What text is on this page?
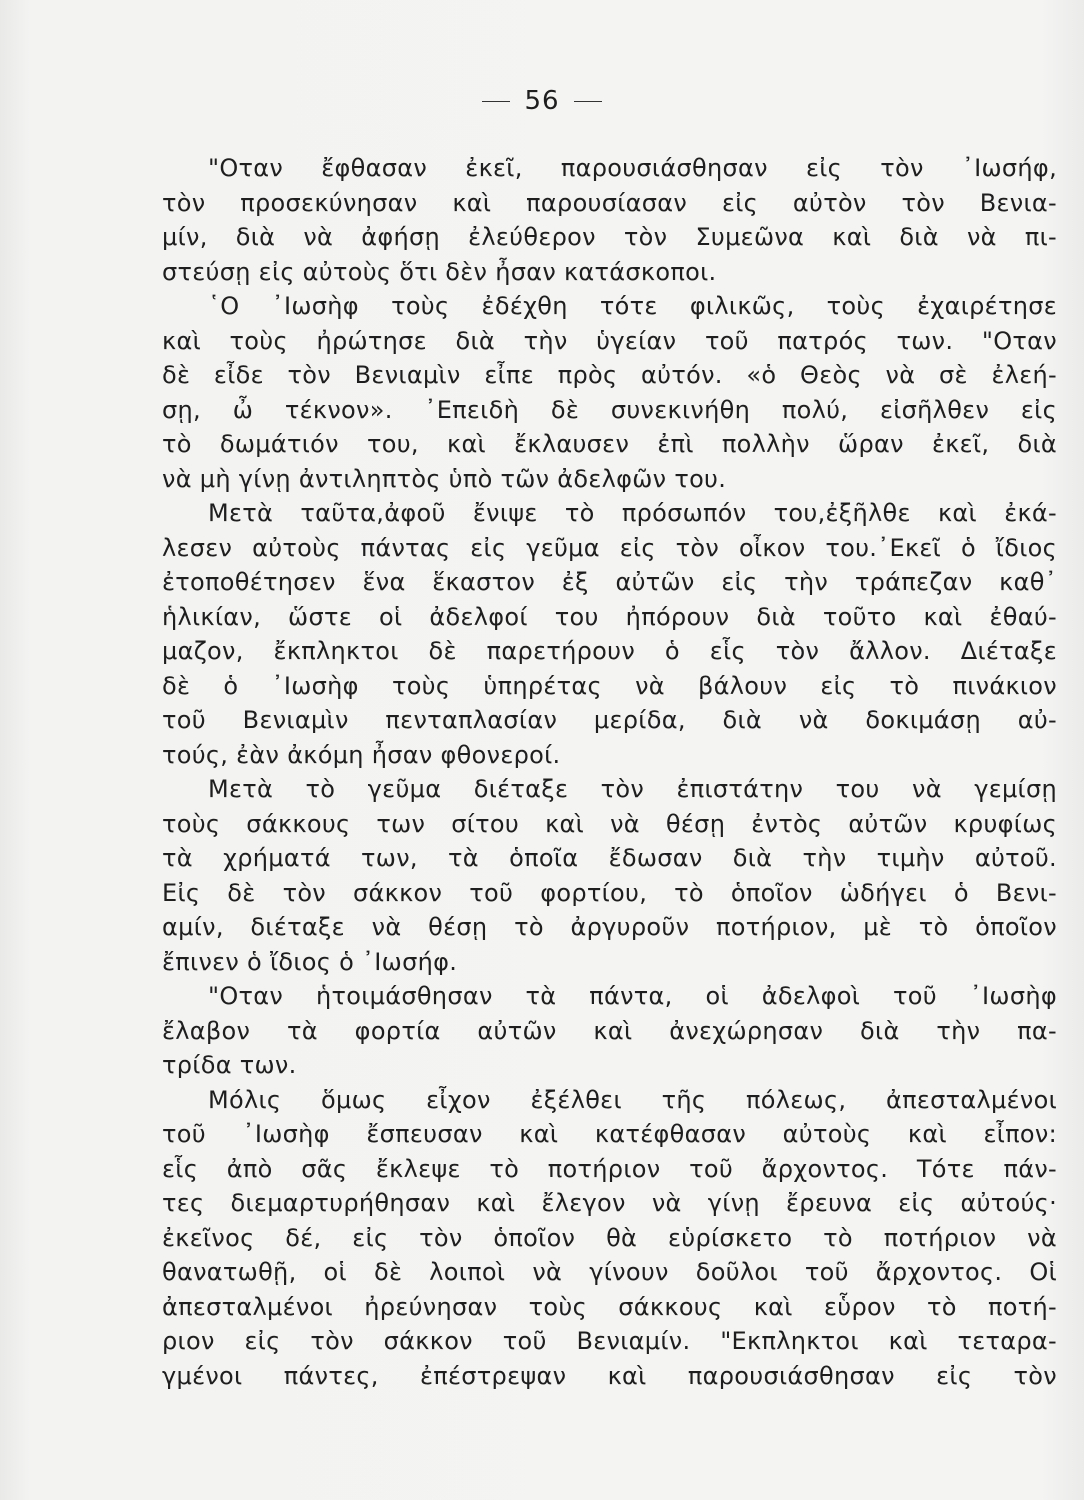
56
"Οταν ἔφθασαν ἐκεῖ, παρουσιάσθησαν εἰς τὸν ᾿Ιωσήφ,
τὸν προσεκύνησαν καὶ παρουσίασαν εἰς αὐτὸν τὸν Βενια-
μίν, διὰ νὰ ἀφήσῃ ἐλεύθερον τὸν Συμεῶνα καὶ διὰ νὰ πι-
στεύσῃ εἰς αὐτοὺς ὅτι δὲν ἦσαν κατάσκοποι.
῾Ο ᾿Ιωσὴφ τοὺς ἐδέχθη τότε φιλικῶς, τοὺς ἐχαιρέτησε
καὶ τοὺς ἠρώτησε διὰ τὴν ὑγείαν τοῦ πατρός των. "Οταν
δὲ εἶδε τὸν Βενιαμὶν εἶπε πρὸς αὐτόν. «ὁ Θεὸς νὰ σὲ ἐλεή-
σῃ, ὦ τέκνον». ᾿Επειδὴ δὲ συνεκινήθη πολύ, εἰσῆλθεν εἰς
τὸ δωμάτιόν του, καὶ ἔκλαυσεν ἐπὶ πολλὴν ὥραν ἐκεῖ, διὰ
νὰ μὴ γίνῃ ἀντιληπτὸς ὑπὸ τῶν ἀδελφῶν του.
Μετὰ ταῦτα,ἀφοῦ ἔνιψε τὸ πρόσωπόν του,ἐξῆλθε καὶ ἐκά-
λεσεν αὐτοὺς πάντας εἰς γεῦμα εἰς τὸν οἶκον του.᾿Εκεῖ ὁ ἴδιος
ἐτοποθέτησεν ἕνα ἕκαστον ἐξ αὐτῶν εἰς τὴν τράπεζαν καθ᾿
ἡλικίαν, ὥστε οἱ ἀδελφοί του ἠπόρουν διὰ τοῦτο καὶ ἐθαύ-
μαζον, ἔκπληκτοι δὲ παρετήρουν ὁ εἷς τὸν ἄλλον. Διέταξε
δὲ ὁ ᾿Ιωσὴφ τοὺς ὑπηρέτας νὰ βάλουν εἰς τὸ πινάκιον
τοῦ Βενιαμὶν πενταπλασίαν μερίδα, διὰ νὰ δοκιμάσῃ αὐ-
τούς, ἐὰν ἀκόμη ἦσαν φθονεροί.
Μετὰ τὸ γεῦμα διέταξε τὸν ἐπιστάτην του νὰ γεμίσῃ
τοὺς σάκκους των σίτου καὶ νὰ θέσῃ ἐντὸς αὐτῶν κρυφίως
τὰ χρήματά των, τὰ ὁποῖα ἔδωσαν διὰ τὴν τιμὴν αὐτοῦ.
Εἰς δὲ τὸν σάκκον τοῦ φορτίου, τὸ ὁποῖον ὡδήγει ὁ Βενι-
αμίν, διέταξε νὰ θέσῃ τὸ ἀργυροῦν ποτήριον, μὲ τὸ ὁποῖον
ἔπινεν ὁ ἴδιος ὁ ᾿Ιωσήφ.
"Οταν ἡτοιμάσθησαν τὰ πάντα, οἱ ἀδελφοὶ τοῦ ᾿Ιωσὴφ
ἔλαβον τὰ φορτία αὐτῶν καὶ ἀνεχώρησαν διὰ τὴν πα-
τρίδα των.
Μόλις ὅμως εἶχον ἐξέλθει τῆς πόλεως, ἀπεσταλμένοι
τοῦ ᾿Ιωσὴφ ἔσπευσαν καὶ κατέφθασαν αὐτοὺς καὶ εἶπον:
εἷς ἀπὸ σᾶς ἔκλεψε τὸ ποτήριον τοῦ ἄρχοντος. Τότε πάν-
τες διεμαρτυρήθησαν καὶ ἔλεγον νὰ γίνῃ ἔρευνα εἰς αὐτούς·
ἐκεῖνος δέ, εἰς τὸν ὁποῖον θὰ εὑρίσκετο τὸ ποτήριον νὰ
θανατωθῇ, οἱ δὲ λοιποὶ νὰ γίνουν δοῦλοι τοῦ ἄρχοντος. Οἱ
ἀπεσταλμένοι ἠρεύνησαν τοὺς σάκκους καὶ εὗρον τὸ ποτή-
ριον εἰς τὸν σάκκον τοῦ Βενιαμίν. "Εκπληκτοι καὶ τεταρα-
γμένοι πάντες, ἐπέστρεψαν καὶ παρουσιάσθησαν εἰς τὸν
